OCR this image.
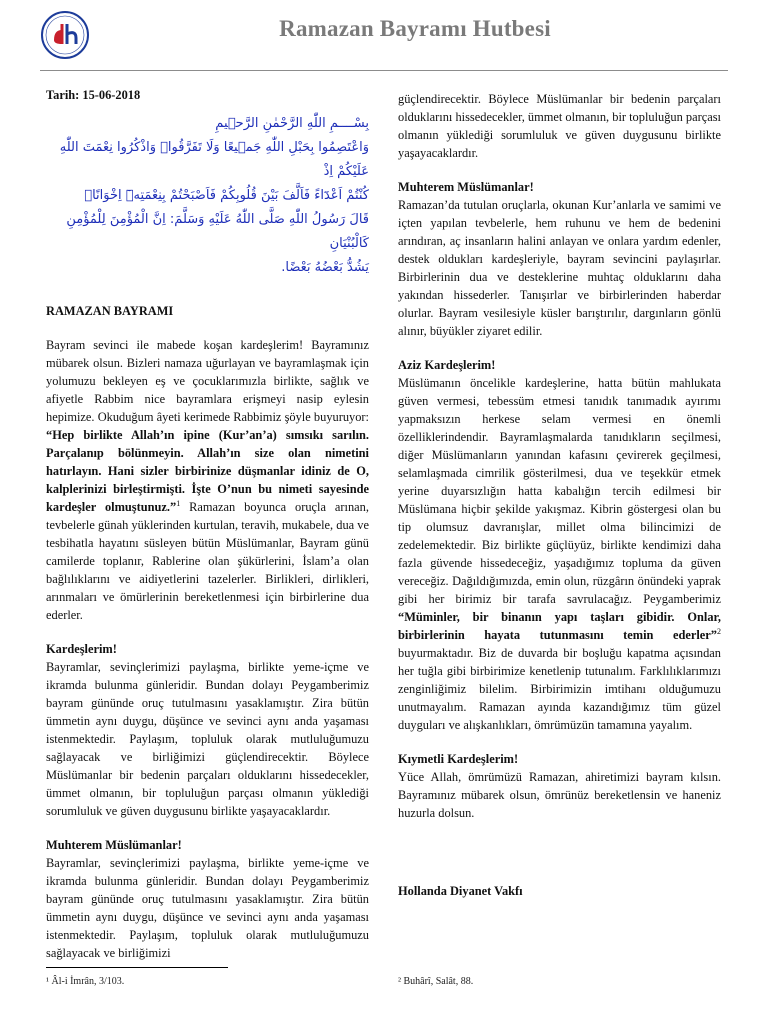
Ramazan Bayramı Hutbesi
Tarih: 15-06-2018
بِسْــــمِ اللّٰهِ الرَّحْمٰنِ الرَّح۪يمِ
وَاعْتَصِمُوا بِحَبْلِ اللّٰهِ جَم۪يعًا وَلَا تَفَرَّقُواۖ وَاذْكُرُوا نِعْمَتَ اللّٰهِ عَلَيْكُمْ اِذْ
كُنْتُمْ اَعْدَٓاءً فَاَلَّفَ بَيْنَ قُلُوبِكُمْ فَاَصْبَحْتُمْ بِنِعْمَتِه۪ٓ اِخْوَانًاۚ
قَالَ رَسُولُ اللّٰهِ صَلَّى اللّٰهُ عَلَيْهِ وَسَلَّمَ: اِنَّ الْمُؤْمِنَ لِلْمُؤْمِنِ كَالْبُنْيَانِ
يَشُدُّ بَعْضُهُ بَعْضًا.
RAMAZAN BAYRAMI

Bayram sevinci ile mabede koşan kardeşlerim! Bayramınız mübarek olsun. Bizleri namaza uğurlayan ve bayramlaşmak için yolumuzu bekleyen eş ve çocuklarımızla birlikte, sağlık ve afiyetle Rabbim nice bayramlara erişmeyi nasip eylesin hepimize. Okuduğum âyeti kerimede Rabbimiz şöyle buyuruyor: “Hep birlikte Allah’ın ipine (Kur’an’a) sımsıkı sarılın. Parçalanıp bölünmeyin. Allah’ın size olan nimetini hatırlayın. Hani sizler birbirinize düşmanlar idiniz de O, kalplerinizi birleştirmişti. İşte O’nun bu nimeti sayesinde kardeşler olmuştunuz.”$^1$ Ramazan boyunca oruçla arınan, tevbelerle günah yüklerinden kurtulan, teravih, mukabele, dua ve tesbihatla hayatını süsleyen bütün Müslümanlar, Bayram günü camilerde toplanır, Rablerine olan şükürlerini, İslam’a olan bağlılıklarını ve aidiyetlerini tazelerler. Birlikleri, dirlikleri, arınmaları ve ömürlerinin bereketlenmesi için birbirlerine dua ederler.

Kardeşlerim!

Bayramlar, sevinçlerimizi paylaşma, birlikte yeme-içme ve ikramda bulunma günleridir. Bundan dolayı Peygamberimiz bayram gününde oruç tutulmasını yasaklamıştır. Zira bütün ümmetin aynı duygu, düşünce ve sevinci aynı anda yaşaması istenmektedir. Paylaşım, topluluk olarak mutluluğumuzu sağlayacak ve birliğimizi güçlendirecektir. Böylece Müslümanlar bir bedenin parçaları olduklarını hissedecekler, ümmet olmanın, bir topluluğun parçası olmanın yüklediği sorumluluk ve güven duygusunu birlikte yaşayacaklardır.

Muhterem Müslümanlar!

Bayramlar, sevinçlerimizi paylaşma, birlikte yeme-içme ve ikramda bulunma günleridir. Bundan dolayı Peygamberimiz bayram gününde oruç tutulmasını yasaklamıştır. Zira bütün ümmetin aynı duygu, düşünce ve sevinci aynı anda yaşaması istenmektedir. Paylaşım, topluluk olarak mutluluğumuzu sağlayacak ve birliğimizi

güçlendirecektir. Böylece Müslümanlar bir bedenin parçaları olduklarını hissedecekler, ümmet olmanın, bir topluluğun parçası olmanın yüklediği sorumluluk ve güven duygusunu birlikte yaşayacaklardır.

Muhterem Müslümanlar!

Ramazan’da tutulan oruçlarla, okunan Kur’anlarla ve samimi ve içten yapılan tevbelerle, hem ruhunu ve hem de bedenini arındıran, aç insanların halini anlayan ve onlara yardım edenler, destek oldukları kardeşleriyle, bayram sevincini paylaşırlar. Birbirlerinin dua ve desteklerine muhtaç olduklarını daha yakından hissederler. Tanışırlar ve birbirlerinden haberdar olurlar. Bayram vesilesiyle küsler barıştırılır, dargınların gönlü alınır, büyükler ziyaret edilir.

Aziz Kardeşlerim!

Müslümanın öncelikle kardeşlerine, hatta bütün mahlukata güven vermesi, tebessüm etmesi tanıdık tanımadık ayırımı yapmaksızın herkese selam vermesi en önemli özelliklerindendir. Bayramlaşmalarda tanıdıkların seçilmesi, diğer Müslümanların yanından kafasını çevirerek geçilmesi, selamlaşmada cimrilik gösterilmesi, dua ve teşekkür etmek yerine duyarsızlığın hatta kabalığın tercih edilmesi bir Müslümana hiçbir şekilde yakışmaz. Kibrin göstergesi olan bu tip olumsuz davranışlar, millet olma bilincimizi de zedelemektedir. Biz birlikte güçlüyüz, birlikte kendimizi daha fazla güvende hissedeceğiz, yaşadığımız topluma da güven vereceğiz. Dağıldığımızda, emin olun, rüzgârın önündeki yaprak gibi her birimiz bir tarafa savrulacağız. Peygamberimiz “Müminler, bir binanın yapı taşları gibidir. Onlar, birbirlerinin hayata tutunmasını temin ederler”$^2$ buyurmaktadır. Biz de duvarda bir boşluğu kapatma açısından her tuğla gibi birbirimize kenetlenip tutunalım. Farklılıklarımızı zenginliğimiz bilelim. Birbirimizin imtihanı olduğumuzu unutmayalım. Ramazan ayında kazandığımız tüm güzel duyguları ve alışkanlıkları, ömrümüzün tamamına yayalım.

Kıymetli Kardeşlerim!

Yüce Allah, ömrümüzü Ramazan, ahiretimizi bayram kılsın. Bayramınız mübarek olsun, ömrünüz bereketlensin ve haneniz huzurla dolsun.

Hollanda Diyanet Vakfı
¹ Âl-i İmrân, 3/103.	² Buhârî, Salât, 88.
